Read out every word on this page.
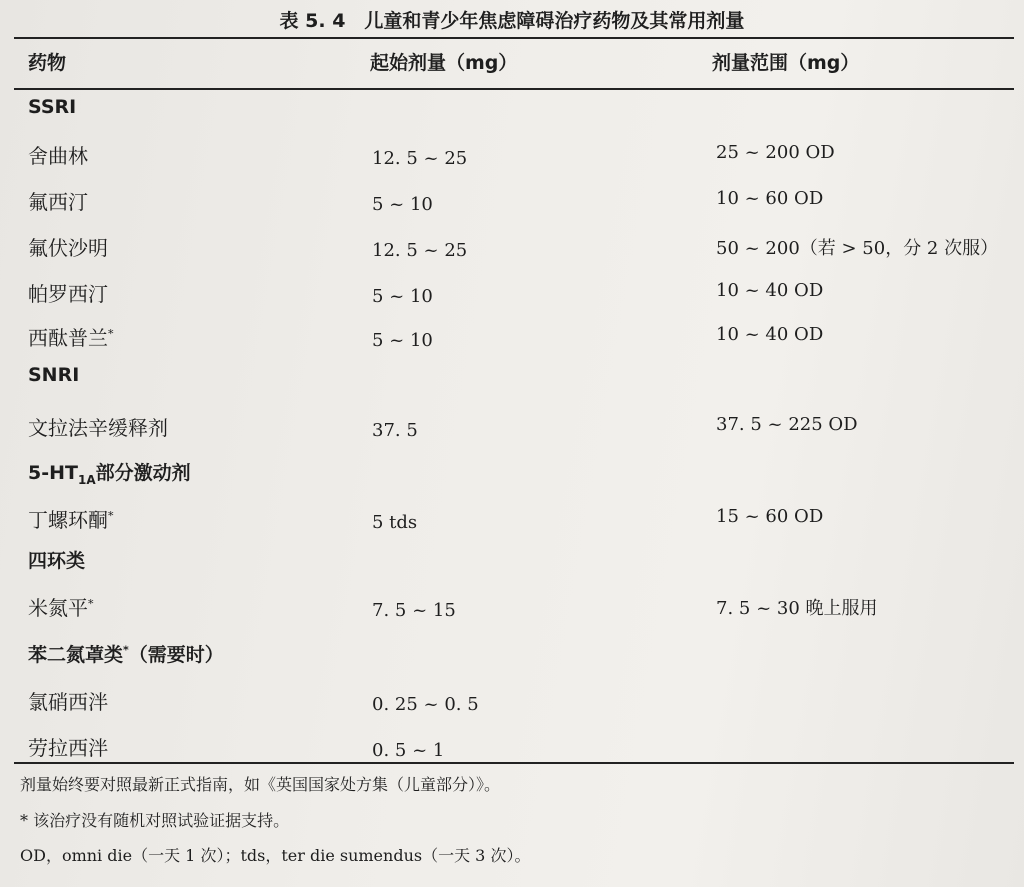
表 5. 4　儿童和青少年焦虑障碍治疗药物及其常用剂量
药物	起始剂量（mg）	剂量范围（mg）
SSRI
舍曲林	12. 5 ~ 25	25 ~ 200 OD
氟西汀	5 ~ 10	10 ~ 60 OD
氟伏沙明	12. 5 ~ 25	50 ~ 200（若 > 50，分 2 次服）
帕罗西汀	5 ~ 10	10 ~ 40 OD
西酞普兰*	5 ~ 10	10 ~ 40 OD
SNRI
文拉法辛缓释剂	37. 5	37. 5 ~ 225 OD
$5-HT_{1A}$部分激动剂
丁螺环酮*	5 tds	15 ~ 60 OD
四环类
米氮平*	7. 5 ~ 15	7. 5 ~ 30 晚上服用
苯二氮䓬类*（需要时）
氯硝西泮	0. 25 ~ 0. 5
劳拉西泮	0. 5 ~ 1
剂量始终要对照最新正式指南，如《英国国家处方集（儿童部分）》。
* 该治疗没有随机对照试验证据支持。
OD，omni die（一天 1 次）；tds，ter die sumendus（一天 3 次）。
